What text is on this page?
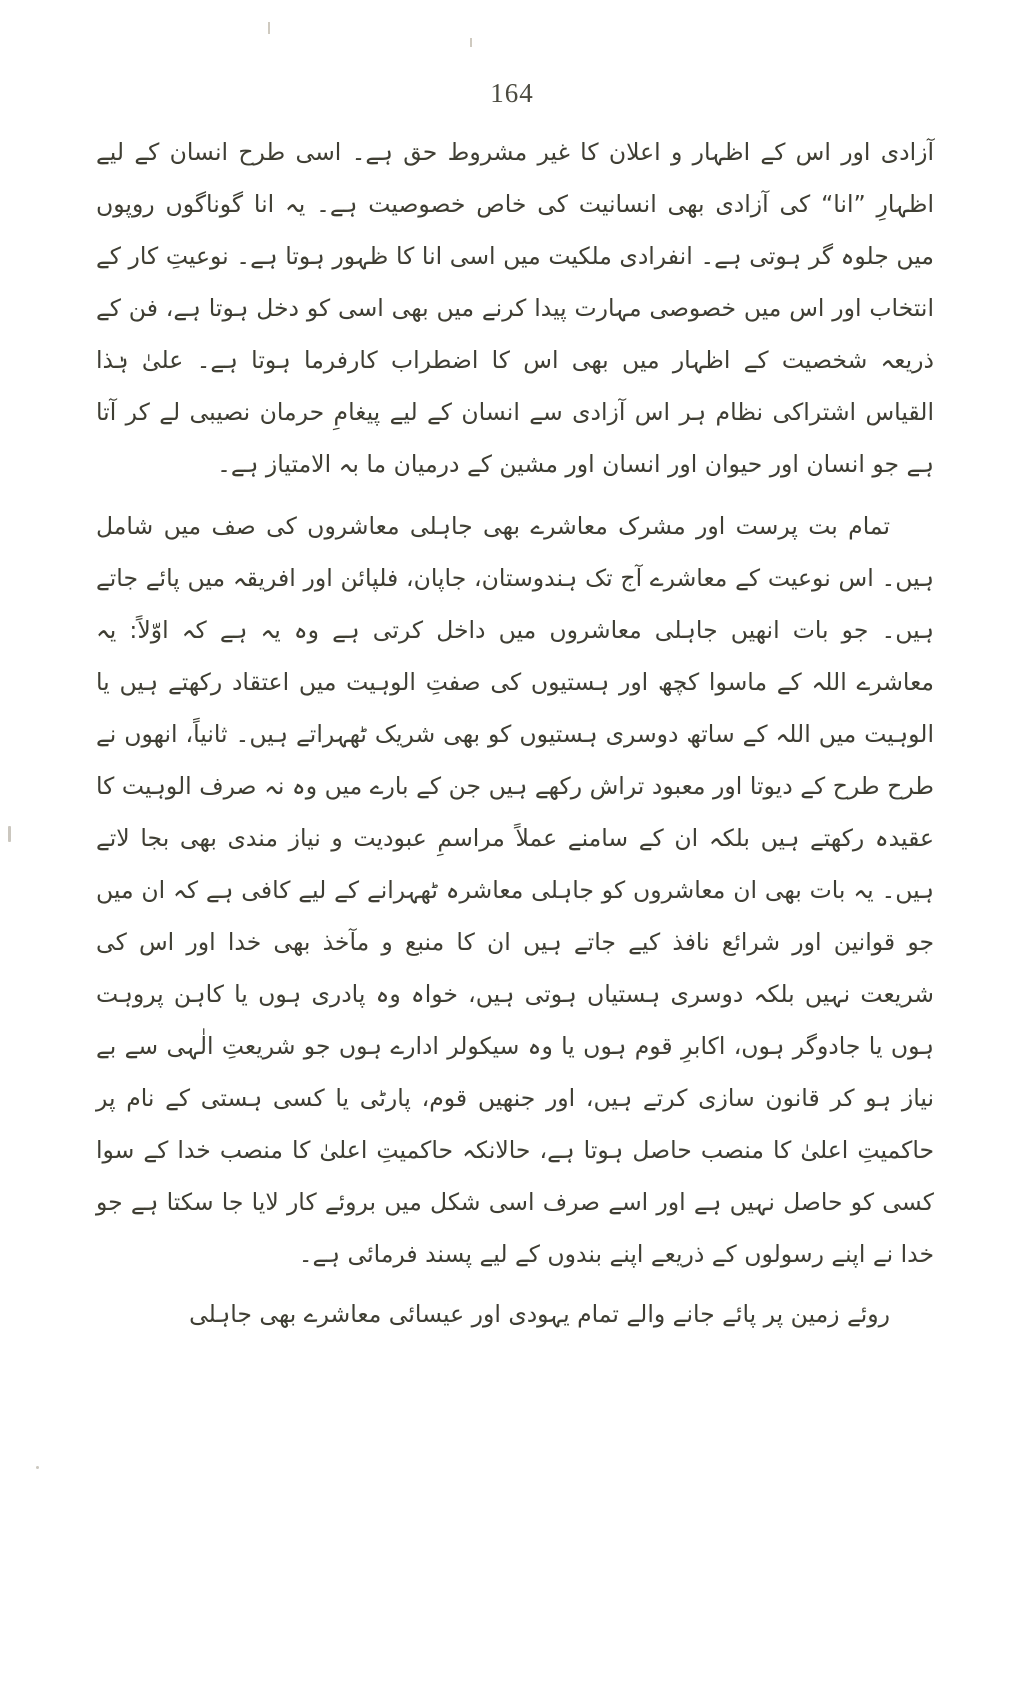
164

آزادی اور اس کے اظہار و اعلان کا غیر مشروط حق ہے۔ اسی طرح انسان کے لیے اظہارِ ”انا“ کی آزادی بھی انسانیت کی خاص خصوصیت ہے۔ یہ انا گوناگوں روپوں میں جلوہ گر ہوتی ہے۔ انفرادی ملکیت میں اسی انا کا ظہور ہوتا ہے۔ نوعیتِ کار کے انتخاب اور اس میں خصوصی مہارت پیدا کرنے میں بھی اسی کو دخل ہوتا ہے، فن کے ذریعہ شخصیت کے اظہار میں بھی اس کا اضطراب کارفرما ہوتا ہے۔ علیٰ ہٰذا القیاس اشتراکی نظام ہر اس آزادی سے انسان کے لیے پیغامِ حرمان نصیبی لے کر آتا ہے جو انسان اور حیوان اور انسان اور مشین کے درمیان ما بہ الامتیاز ہے۔

تمام بت پرست اور مشرک معاشرے بھی جاہلی معاشروں کی صف میں شامل ہیں۔ اس نوعیت کے معاشرے آج تک ہندوستان، جاپان، فلپائن اور افریقہ میں پائے جاتے ہیں۔ جو بات انھیں جاہلی معاشروں میں داخل کرتی ہے وہ یہ ہے کہ اوّلاً: یہ معاشرے اللہ کے ماسوا کچھ اور ہستیوں کی صفتِ الوہیت میں اعتقاد رکھتے ہیں یا الوہیت میں اللہ کے ساتھ دوسری ہستیوں کو بھی شریک ٹھہراتے ہیں۔ ثانیاً، انھوں نے طرح طرح کے دیوتا اور معبود تراش رکھے ہیں جن کے بارے میں وہ نہ صرف الوہیت کا عقیدہ رکھتے ہیں بلکہ ان کے سامنے عملاً مراسمِ عبودیت و نیاز مندی بھی بجا لاتے ہیں۔ یہ بات بھی ان معاشروں کو جاہلی معاشرہ ٹھہرانے کے لیے کافی ہے کہ ان میں جو قوانین اور شرائع نافذ کیے جاتے ہیں ان کا منبع و مآخذ بھی خدا اور اس کی شریعت نہیں بلکہ دوسری ہستیاں ہوتی ہیں، خواہ وہ پادری ہوں یا کاہن پروہت ہوں یا جادوگر ہوں، اکابرِ قوم ہوں یا وہ سیکولر ادارے ہوں جو شریعتِ الٰہی سے بے نیاز ہو کر قانون سازی کرتے ہیں، اور جنھیں قوم، پارٹی یا کسی ہستی کے نام پر حاکمیتِ اعلیٰ کا منصب حاصل ہوتا ہے، حالانکہ حاکمیتِ اعلیٰ کا منصب خدا کے سوا کسی کو حاصل نہیں ہے اور اسے صرف اسی شکل میں بروئے کار لایا جا سکتا ہے جو خدا نے اپنے رسولوں کے ذریعے اپنے بندوں کے لیے پسند فرمائی ہے۔

روئے زمین پر پائے جانے والے تمام یہودی اور عیسائی معاشرے بھی جاہلی
